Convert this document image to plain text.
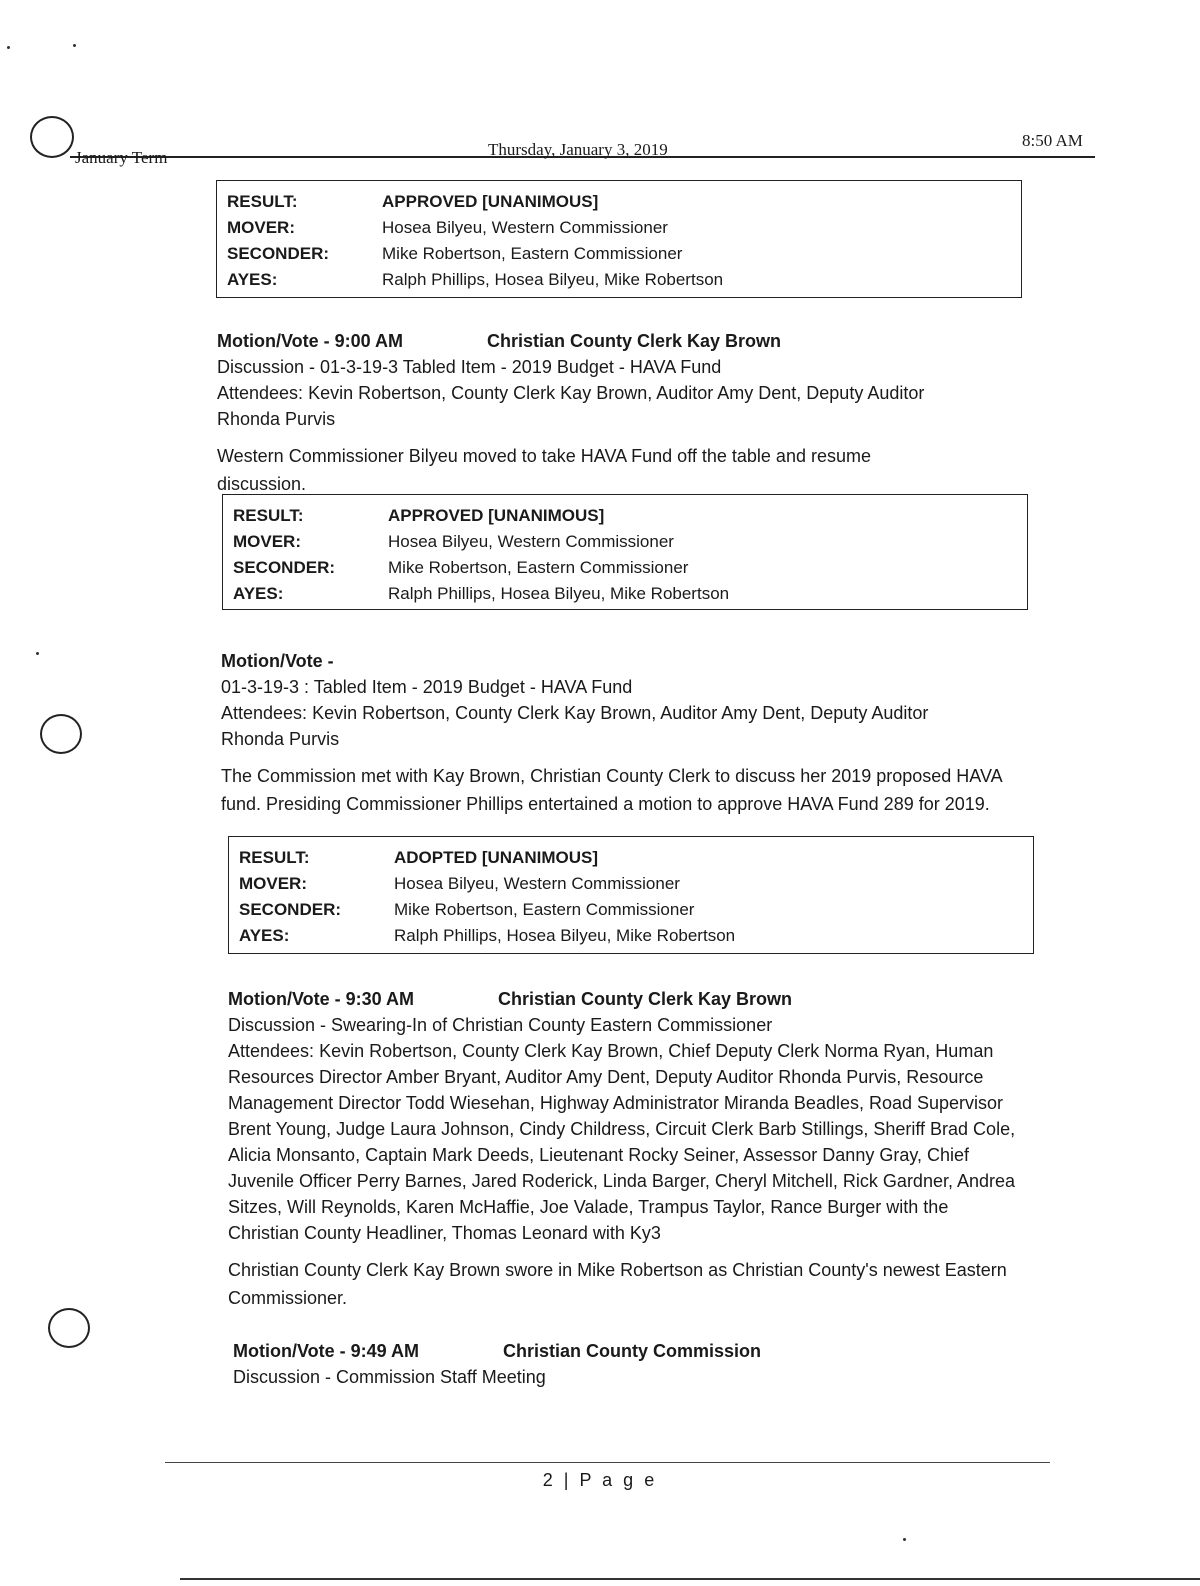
January Term	Thursday, January 3, 2019	8:50 AM
RESULT:	APPROVED [UNANIMOUS]
MOVER:	Hosea Bilyeu, Western Commissioner
SECONDER:	Mike Robertson, Eastern Commissioner
AYES:	Ralph Phillips, Hosea Bilyeu, Mike Robertson
Motion/Vote - 9:00 AM	Christian County Clerk Kay Brown
Discussion - 01-3-19-3 Tabled Item - 2019 Budget - HAVA Fund
Attendees: Kevin Robertson, County Clerk Kay Brown, Auditor Amy Dent, Deputy Auditor Rhonda Purvis
Western Commissioner Bilyeu moved to take HAVA Fund off the table and resume discussion.
RESULT:	APPROVED [UNANIMOUS]
MOVER:	Hosea Bilyeu, Western Commissioner
SECONDER:	Mike Robertson, Eastern Commissioner
AYES:	Ralph Phillips, Hosea Bilyeu, Mike Robertson
Motion/Vote -
01-3-19-3 : Tabled Item - 2019 Budget - HAVA Fund
Attendees: Kevin Robertson, County Clerk Kay Brown, Auditor Amy Dent, Deputy Auditor Rhonda Purvis
The Commission met with Kay Brown, Christian County Clerk to discuss her 2019 proposed HAVA fund. Presiding Commissioner Phillips entertained a motion to approve HAVA Fund 289 for 2019.
RESULT:	ADOPTED [UNANIMOUS]
MOVER:	Hosea Bilyeu, Western Commissioner
SECONDER:	Mike Robertson, Eastern Commissioner
AYES:	Ralph Phillips, Hosea Bilyeu, Mike Robertson
Motion/Vote - 9:30 AM	Christian County Clerk Kay Brown
Discussion - Swearing-In of Christian County Eastern Commissioner
Attendees: Kevin Robertson, County Clerk Kay Brown, Chief Deputy Clerk Norma Ryan, Human Resources Director Amber Bryant, Auditor Amy Dent, Deputy Auditor Rhonda Purvis, Resource Management Director Todd Wiesehan, Highway Administrator Miranda Beadles, Road Supervisor Brent Young, Judge Laura Johnson, Cindy Childress, Circuit Clerk Barb Stillings, Sheriff Brad Cole, Alicia Monsanto, Captain Mark Deeds, Lieutenant Rocky Seiner, Assessor Danny Gray, Chief Juvenile Officer Perry Barnes, Jared Roderick, Linda Barger, Cheryl Mitchell, Rick Gardner, Andrea Sitzes, Will Reynolds, Karen McHaffie, Joe Valade, Trampus Taylor, Rance Burger with the Christian County Headliner, Thomas Leonard with Ky3
Christian County Clerk Kay Brown swore in Mike Robertson as Christian County's newest Eastern Commissioner.
Motion/Vote - 9:49 AM	Christian County Commission
Discussion - Commission Staff Meeting
2 | P a g e
